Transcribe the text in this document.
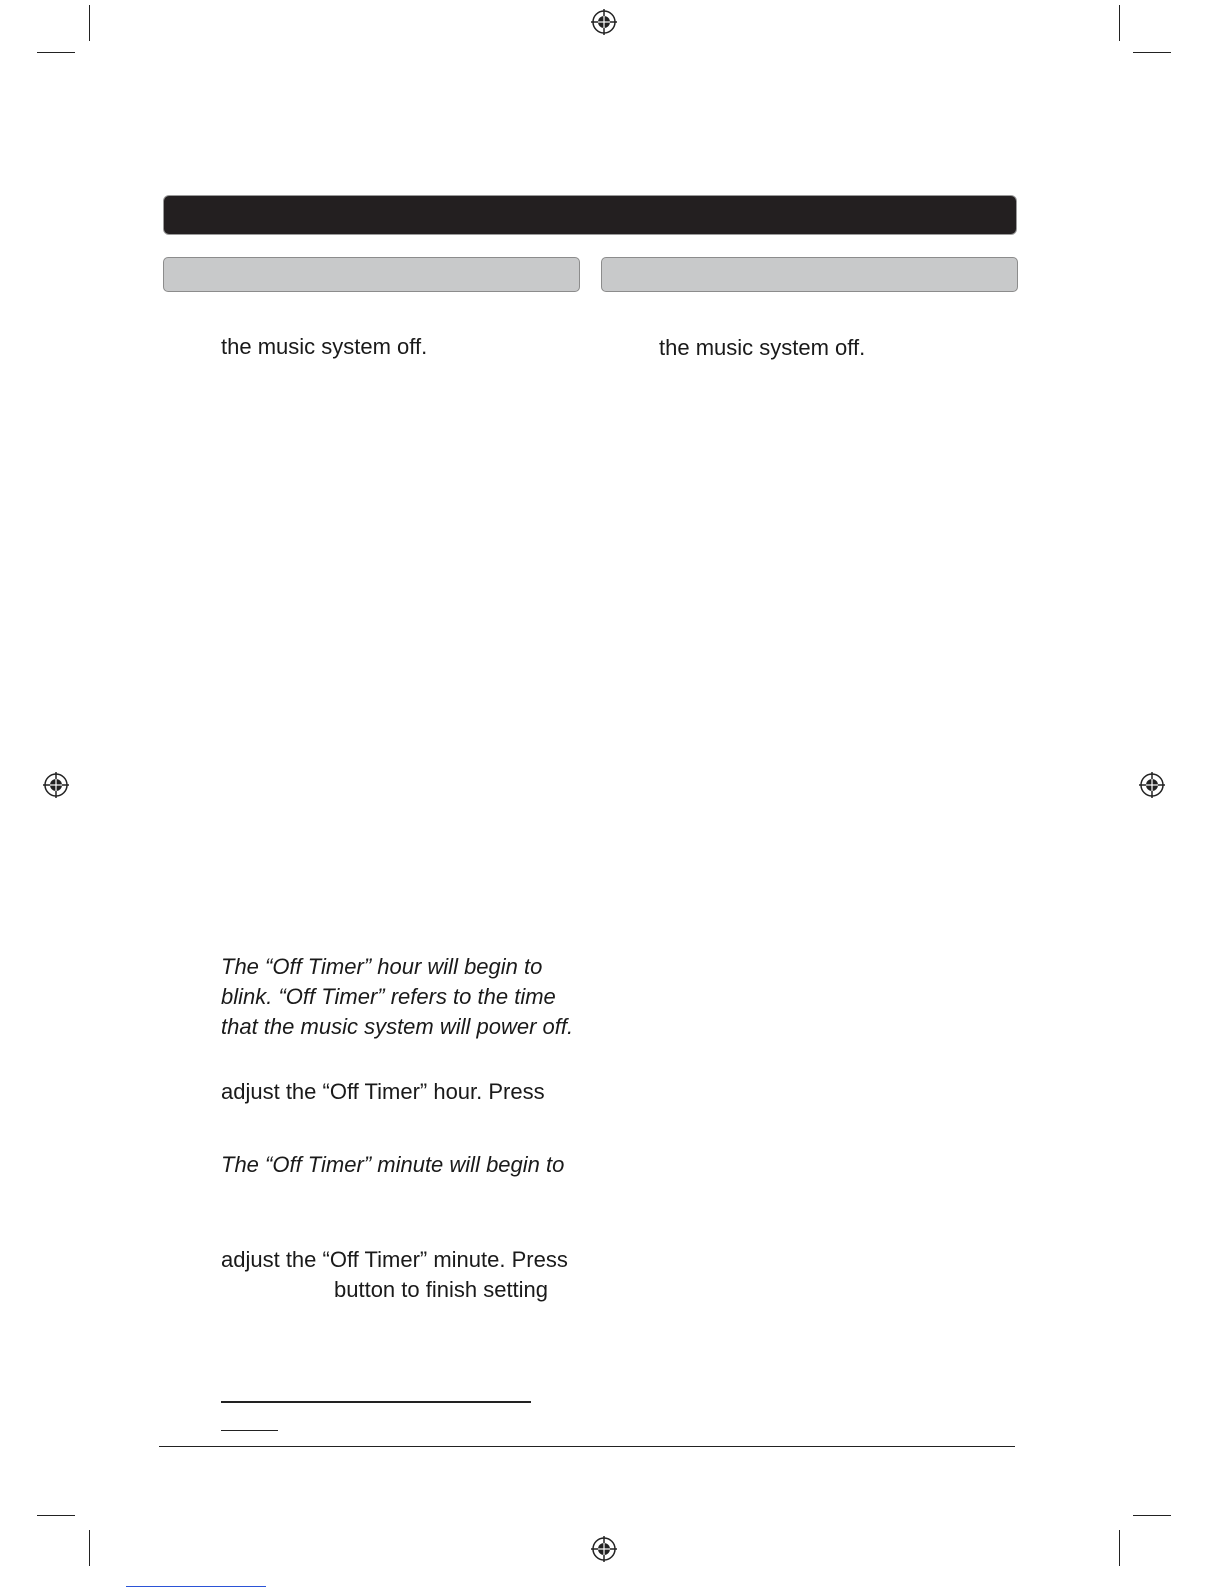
the music system off.
The “Off Timer” hour will begin to
blink. “Off Timer” refers to the time
that the music system will power off.
adjust the “Off Timer” hour. Press
The “Off Timer” minute will begin to
adjust the “Off Timer” minute. Press
button to finish setting
the music system off.
